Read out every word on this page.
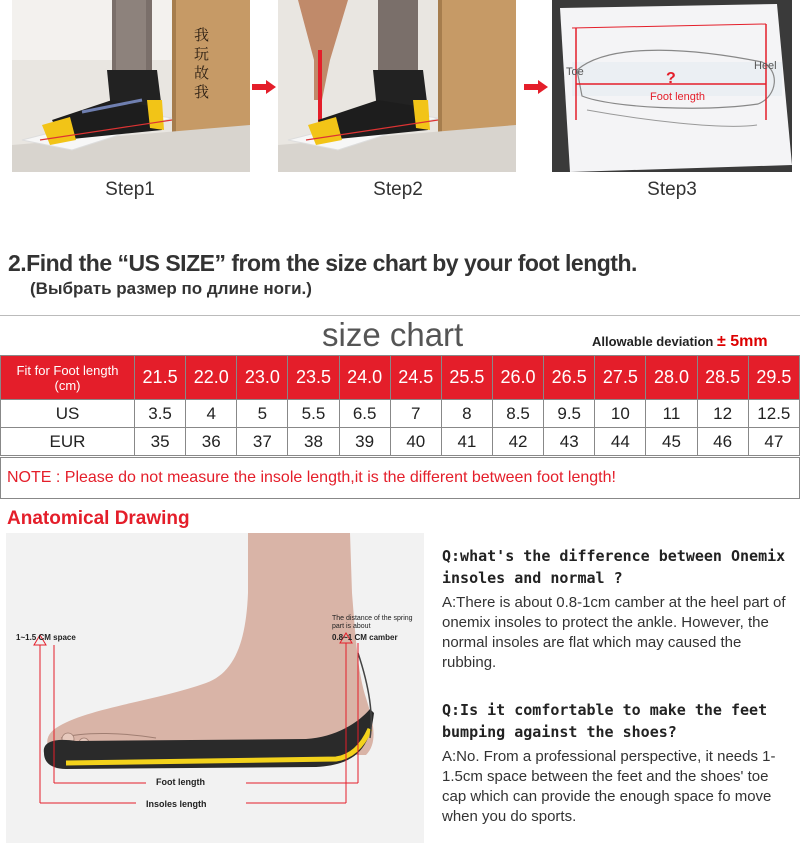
我
玩
故
我
Step1	Step2
Toe	Heel
?
Foot length
Step3
2.Find the “US SIZE” from the size chart by your foot length.
(Выбрать размер по длине ноги.)
size chart	Allowable deviation ± 5mm
Fit for Foot length
(cm)	21.5	22.0	23.0	23.5	24.0	24.5	25.5	26.0	26.5	27.5	28.0	28.5	29.5
US	3.5	4	5	5.5	6.5	7	8	8.5	9.5	10	11	12	12.5
EUR	35	36	37	38	39	40	41	42	43	44	45	46	47
NOTE : Please do not measure the insole length,it is the different between foot length!
Anatomical Drawing
1~1.5 CM space
The distance of the spring
part is about
0.8~1 CM camber
Foot length
Insoles length
Q:what's the difference between Onemix insoles and normal ?
A:There is about 0.8-1cm camber at the heel part of onemix insoles to protect the ankle. However, the normal insoles are flat which may caused the rubbing.
Q:Is it comfortable to make the feet bumping against the shoes?
A:No. From a professional perspective, it needs 1-1.5cm space between the feet and the shoes' toe cap which can provide the enough space fo move when you do sports.
